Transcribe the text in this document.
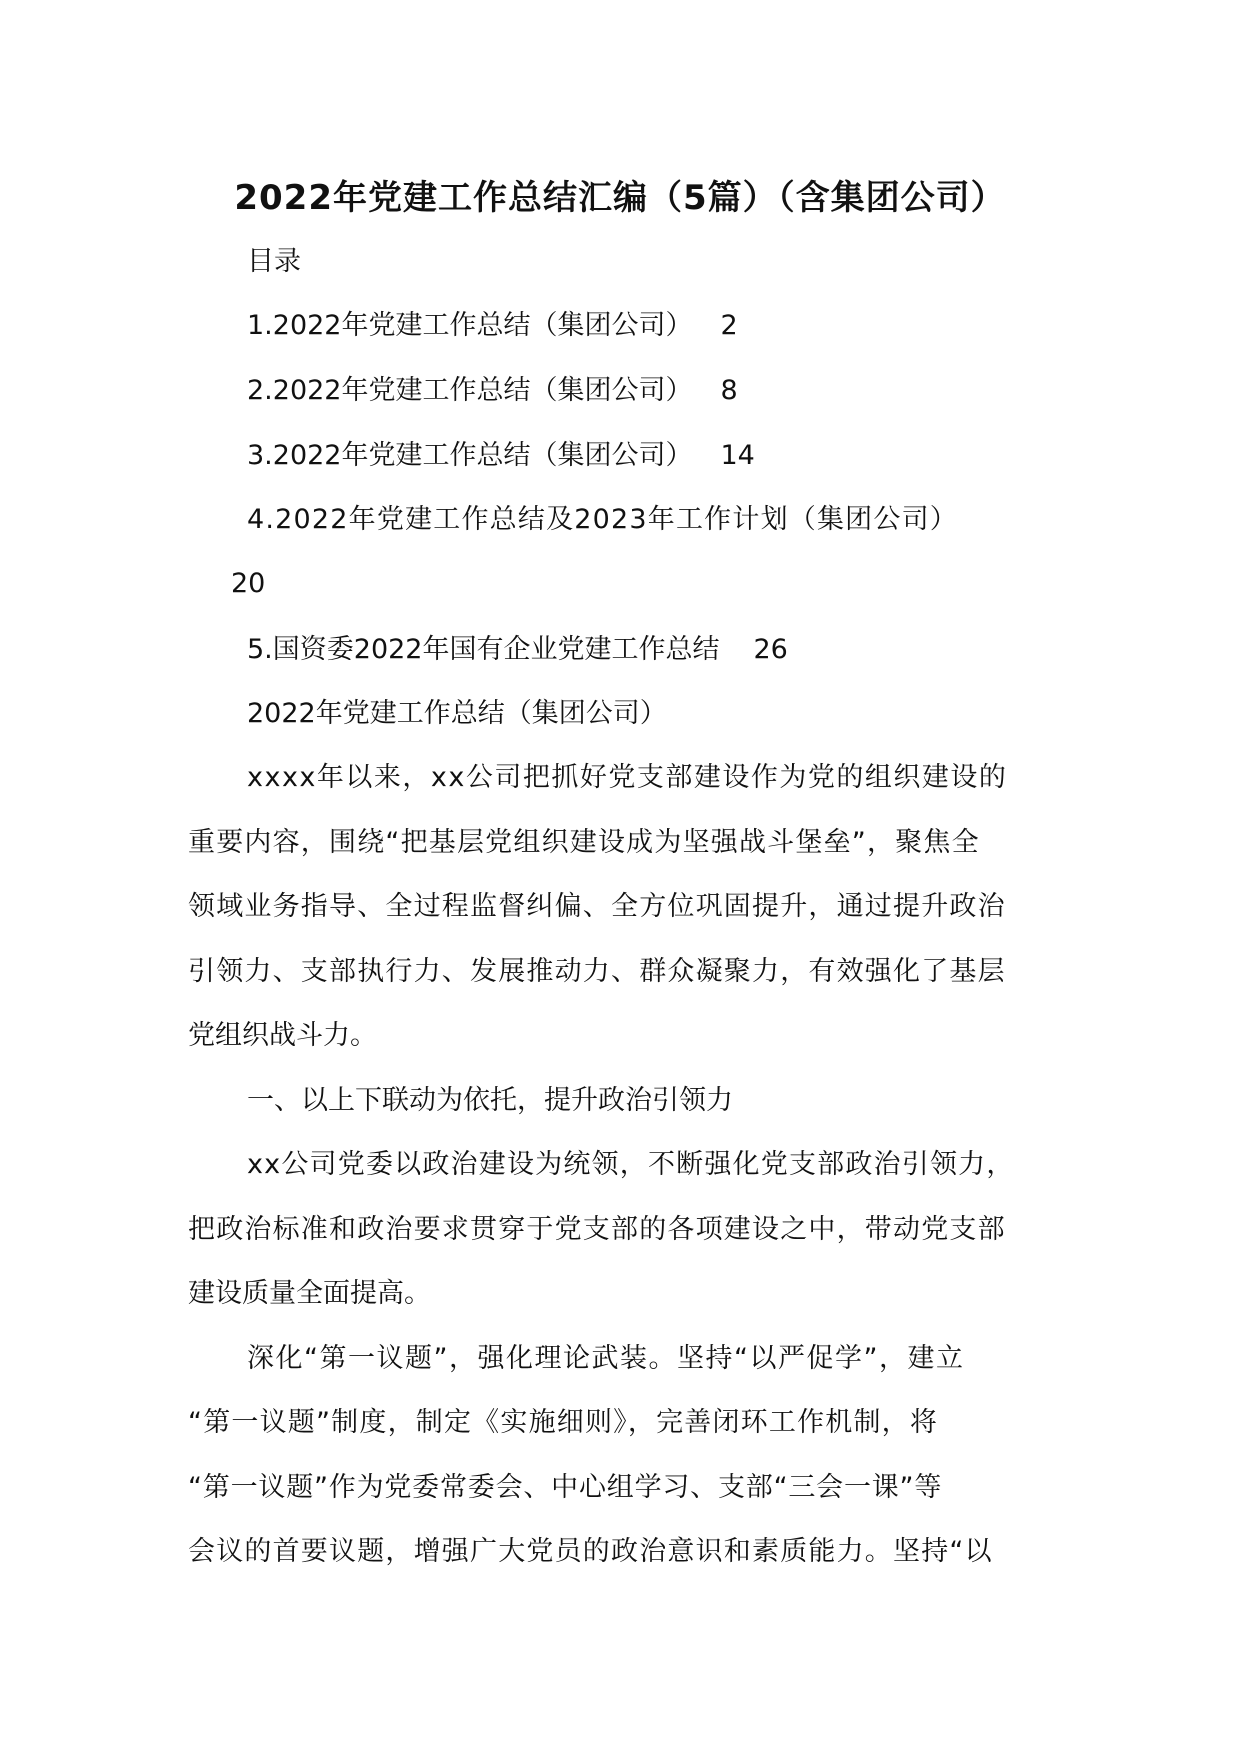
2022年党建工作总结汇编（5篇）（含集团公司）
目录
1.2022年党建工作总结（集团公司） 2
2.2022年党建工作总结（集团公司） 8
3.2022年党建工作总结（集团公司） 14
4.2022年党建工作总结及2023年工作计划（集团公司）
20
5.国资委2022年国有企业党建工作总结 26
2022年党建工作总结（集团公司）
xxxx年以来，xx公司把抓好党支部建设作为党的组织建设的
重要内容，围绕“把基层党组织建设成为坚强战斗堡垒”，聚焦全
领域业务指导、全过程监督纠偏、全方位巩固提升，通过提升政治
引领力、支部执行力、发展推动力、群众凝聚力，有效强化了基层
党组织战斗力。
一、以上下联动为依托，提升政治引领力
xx公司党委以政治建设为统领，不断强化党支部政治引领力，
把政治标准和政治要求贯穿于党支部的各项建设之中，带动党支部
建设质量全面提高。
深化“第一议题”，强化理论武装。坚持“以严促学”，建立
“第一议题”制度，制定《实施细则》，完善闭环工作机制，将
“第一议题”作为党委常委会、中心组学习、支部“三会一课”等
会议的首要议题，增强广大党员的政治意识和素质能力。坚持“以
